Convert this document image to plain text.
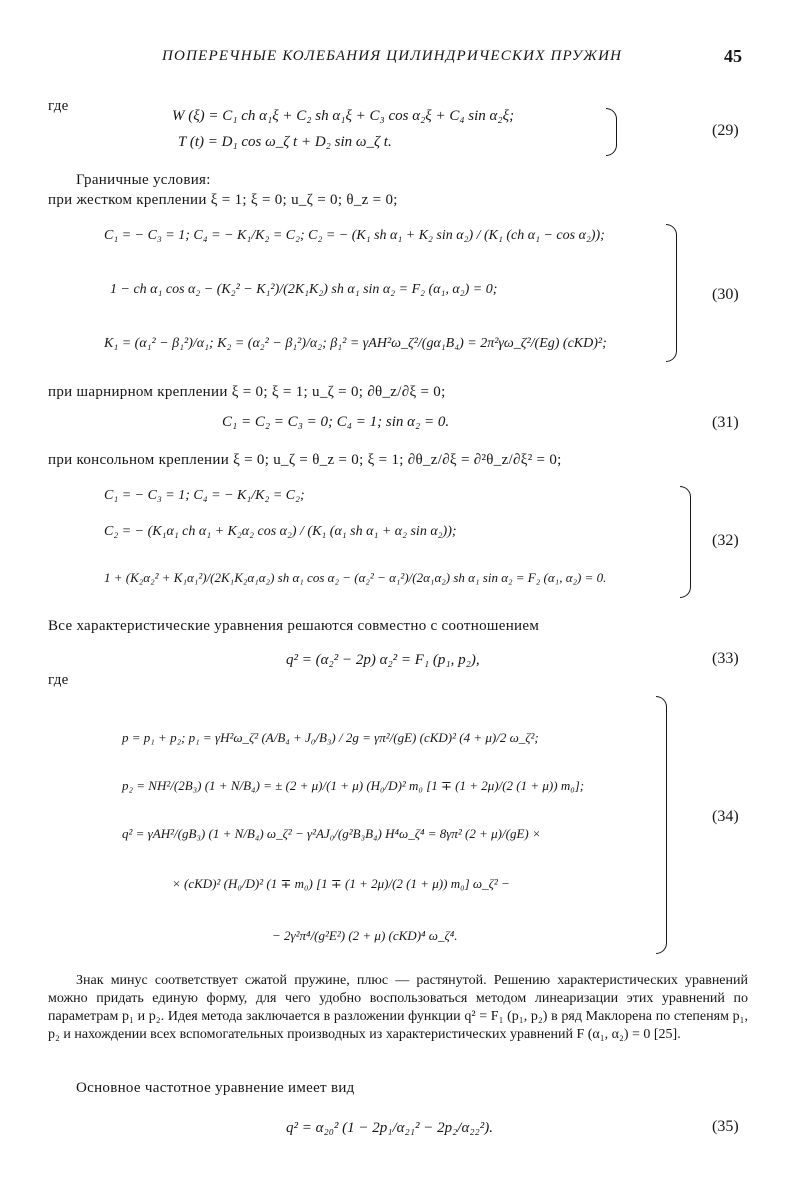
ПОПЕРЕЧНЫЕ КОЛЕБАНИЯ ЦИЛИНДРИЧЕСКИХ ПРУЖИН	45
где
W (ξ) = C₁ ch α₁ξ + C₂ sh α₁ξ + C₃ cos α₂ξ + C₄ sin α₂ξ;
T (t) = D₁ cos ω_ζ t + D₂ sin ω_ζ t.
(29)
Граничные условия:
при жестком креплении ξ = 1; ξ = 0; u_ζ = 0; θ_z = 0;
C₁ = − C₃ = 1; C₄ = − K₁/K₂ = C₂; C₂ = − (K₁ sh α₁ + K₂ sin α₂) / (K₁ (ch α₁ − cos α₂));
1 − ch α₁ cos α₂ − (K₂² − K₁²)/(2K₁K₂) sh α₁ sin α₂ = F₂ (α₁, α₂) = 0;
K₁ = (α₁² − β₁²)/α₁; K₂ = (α₂² − β₁²)/α₂; β₁² = γAH²ω_ζ²/(gα₁B₄) = 2π²γω_ζ²/(Eg) (cKD)²;
(30)
при шарнирном креплении ξ = 0; ξ = 1; u_ζ = 0; ∂θ_z/∂ξ = 0;
C₁ = C₂ = C₃ = 0; C₄ = 1; sin α₂ = 0.	(31)
при консольном креплении ξ = 0; u_ζ = θ_z = 0; ξ = 1; ∂θ_z/∂ξ = ∂²θ_z/∂ξ² = 0;
C₁ = − C₃ = 1; C₄ = − K₁/K₂ = C₂;
C₂ = − (K₁α₁ ch α₁ + K₂α₂ cos α₂) / (K₁ (α₁ sh α₁ + α₂ sin α₂));
1 + (K₂α₂² + K₁α₁²)/(2K₁K₂α₁α₂) sh α₁ cos α₂ − (α₂² − α₁²)/(2α₁α₂) sh α₁ sin α₂ = F₂ (α₁, α₂) = 0.
(32)
Все характеристические уравнения решаются совместно с соотношением
q² = (α₂² − 2p) α₂² = F₁ (p₁, p₂),	(33)
где
p = p₁ + p₂; p₁ = γH²ω_ζ² (A/B₄ + J₀/B₃) / 2g = γπ²/(gE) (cKD)² (4 + μ)/2 ω_ζ²;
p₂ = NH²/(2B₃) (1 + N/B₄) = ± (2 + μ)/(1 + μ) (H₀/D)² m₀ [1 ∓ (1 + 2μ)/(2 (1 + μ)) m₀];
q² = γAH²/(gB₃) (1 + N/B₄) ω_ζ² − γ²AJ₀/(g²B₃B₄) H⁴ω_ζ⁴ = 8γπ² (2 + μ)/(gE) ×
× (cKD)² (H₀/D)² (1 ∓ m₀) [1 ∓ (1 + 2μ)/(2 (1 + μ)) m₀] ω_ζ² −
− 2γ²π⁴/(g²E²) (2 + μ) (cKD)⁴ ω_ζ⁴.
(34)
Знак минус соответствует сжатой пружине, плюс — растянутой. Решению характеристических уравнений можно придать единую форму, для чего удобно воспользоваться методом линеаризации этих уравнений по параметрам p₁ и p₂. Идея метода заключается в разложении функции q² = F₁ (p₁, p₂) в ряд Маклорена по степеням p₁, p₂ и нахождении всех вспомогательных производных из характеристических уравнений F (α₁, α₂) = 0 [25].
Основное частотное уравнение имеет вид
q² = α₂₀² (1 − 2p₁/α₂₁² − 2p₂/α₂₂²).	(35)
